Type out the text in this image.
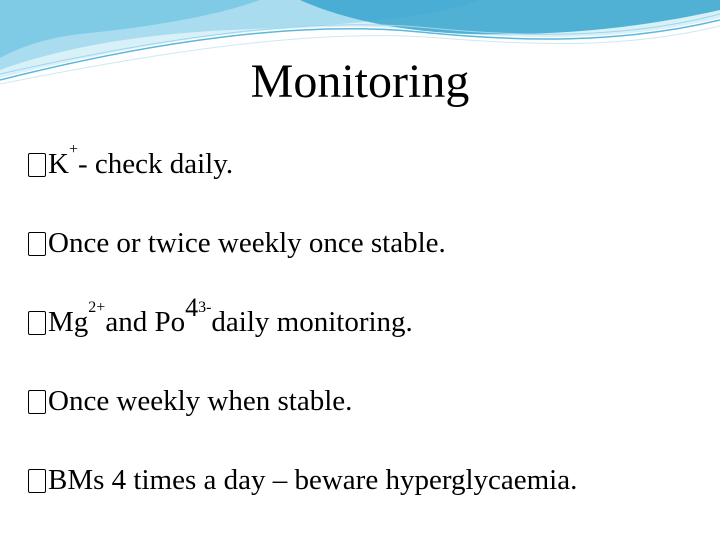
Monitoring
K + - check daily.
Once or twice weekly once stable.
Mg 2+ and Po 4 3- daily monitoring.
Once weekly when stable.
BMs 4 times a day – beware hyperglycaemia.
